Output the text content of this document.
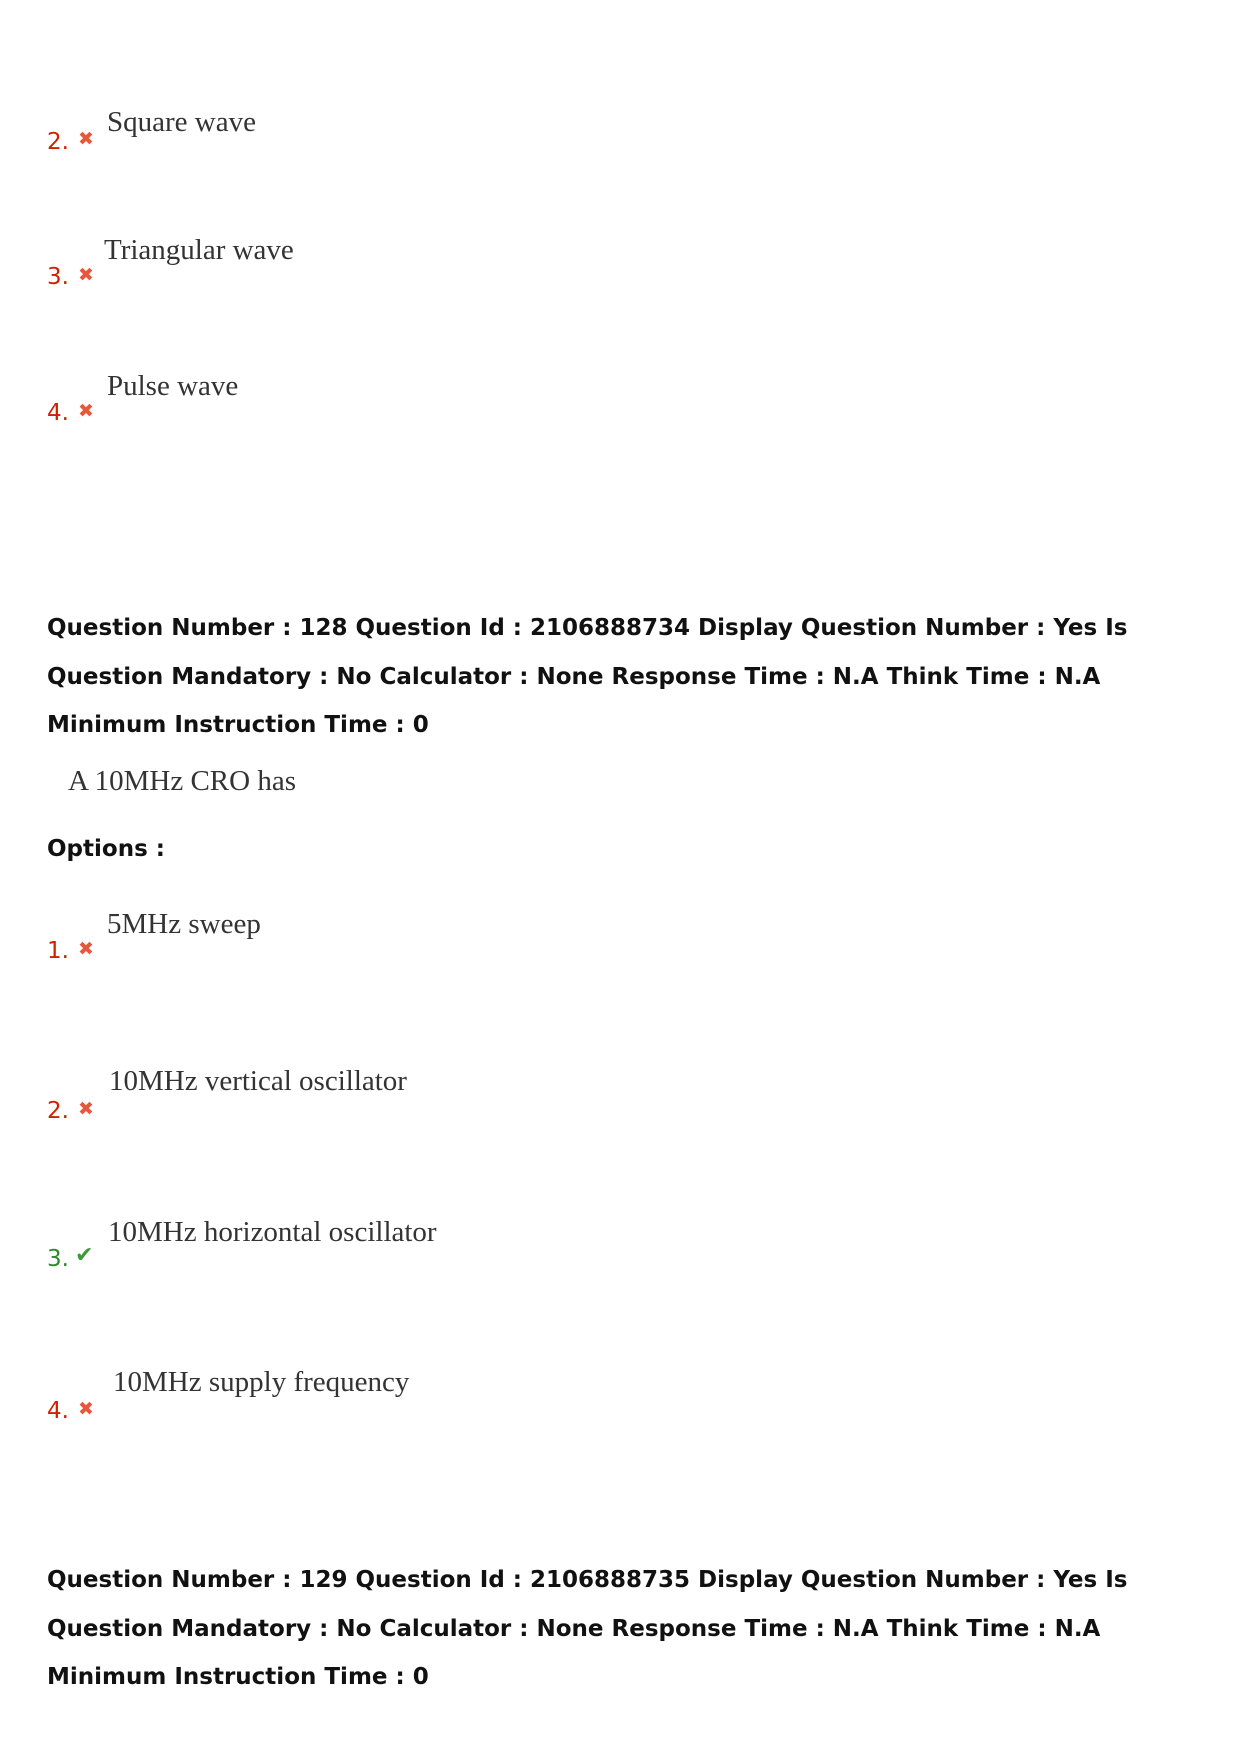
2. ✖
Square wave
3. ✖
Triangular wave
4. ✖
Pulse wave
Question Number : 128 Question Id : 2106888734 Display Question Number : Yes Is Question Mandatory : No Calculator : None Response Time : N.A Think Time : N.A Minimum Instruction Time : 0
A 10MHz CRO has
Options :
1. ✖
5MHz sweep
2. ✖
10MHz vertical oscillator
3. ✔
10MHz horizontal oscillator
4. ✖
10MHz supply frequency
Question Number : 129 Question Id : 2106888735 Display Question Number : Yes Is Question Mandatory : No Calculator : None Response Time : N.A Think Time : N.A Minimum Instruction Time : 0
